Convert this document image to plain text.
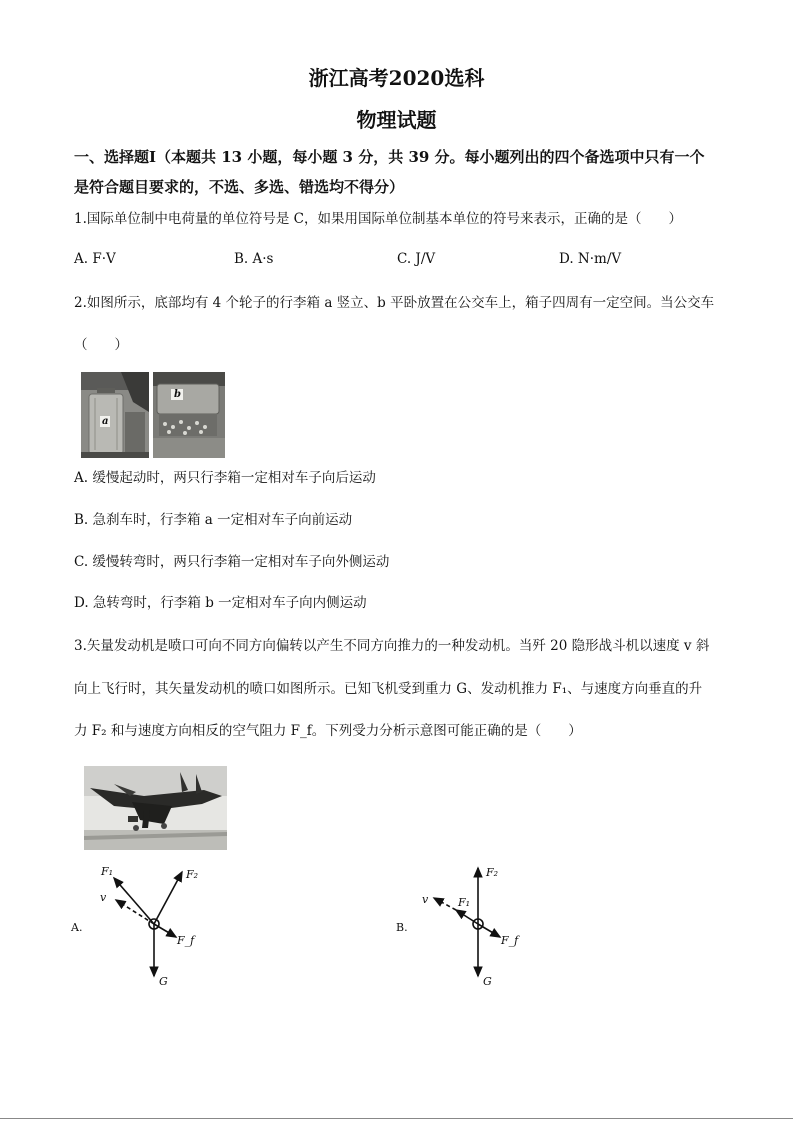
浙江高考2020选科
物理试题
一、选择题Ⅰ（本题共 13 小题，每小题 3 分，共 39 分。每小题列出的四个备选项中只有一个
是符合题目要求的，不选、多选、错选均不得分）
1.国际单位制中电荷量的单位符号是 C，如果用国际单位制基本单位的符号来表示，正确的是（　　）
A. F·V	B. A·s	C. J/V	D. N·m/V
2.如图所示，底部均有 4 个轮子的行李箱 a 竖立、b 平卧放置在公交车上，箱子四周有一定空间。当公交车
（　　）
a
b
A. 缓慢起动时，两只行李箱一定相对车子向后运动
B. 急刹车时，行李箱 a 一定相对车子向前运动
C. 缓慢转弯时，两只行李箱一定相对车子向外侧运动
D. 急转弯时，行李箱 b 一定相对车子向内侧运动
3.矢量发动机是喷口可向不同方向偏转以产生不同方向推力的一种发动机。当歼 20 隐形战斗机以速度 v 斜
向上飞行时，其矢量发动机的喷口如图所示。已知飞机受到重力 G、发动机推力 F₁、与速度方向垂直的升
力 F₂ 和与速度方向相反的空气阻力 F_f。下列受力分析示意图可能正确的是（　　）
A.
F₁	F₂
v
F_f
G
B.
F₂
F₁
v
F_f
G
